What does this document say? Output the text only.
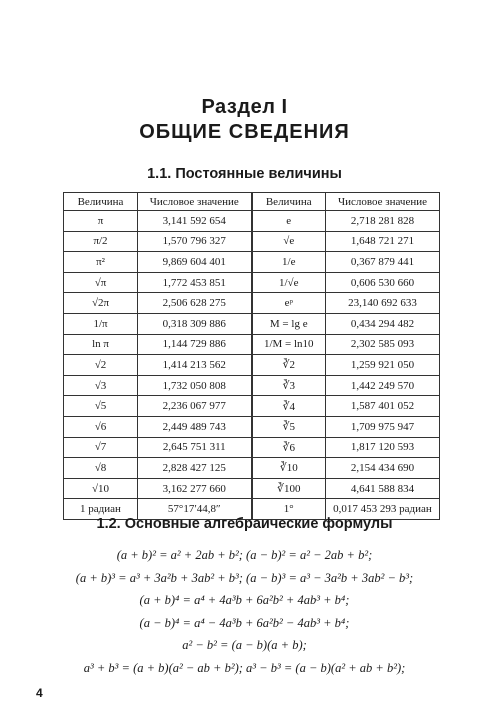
Раздел I
ОБЩИЕ СВЕДЕНИЯ
1.1. Постоянные величины
Величина	Числовое значение	Величина	Числовое значение
π	3,141 592 654	e	2,718 281 828
π/2	1,570 796 327	√e	1,648 721 271
π²	9,869 604 401	1/e	0,367 879 441
√π	1,772 453 851	1/√e	0,606 530 660
√2π	2,506 628 275	eᵖ	23,140 692 633
1/π	0,318 309 886	M = lg e	0,434 294 482
ln π	1,144 729 886	1/M = ln10	2,302 585 093
√2	1,414 213 562	∛2	1,259 921 050
√3	1,732 050 808	∛3	1,442 249 570
√5	2,236 067 977	∛4	1,587 401 052
√6	2,449 489 743	∛5	1,709 975 947
√7	2,645 751 311	∛6	1,817 120 593
√8	2,828 427 125	∛10	2,154 434 690
√10	3,162 277 660	∛100	4,641 588 834
1 радиан	57°17′44,8″	1°	0,017 453 293 радиан
1.2. Основные алгебраические формулы
(a + b)² = a² + 2ab + b²; (a − b)² = a² − 2ab + b²;
(a + b)³ = a³ + 3a²b + 3ab² + b³; (a − b)³ = a³ − 3a²b + 3ab² − b³;
(a + b)⁴ = a⁴ + 4a³b + 6a²b² + 4ab³ + b⁴;
(a − b)⁴ = a⁴ − 4a³b + 6a²b² − 4ab³ + b⁴;
a² − b² = (a − b)(a + b);
a³ + b³ = (a + b)(a² − ab + b²); a³ − b³ = (a − b)(a² + ab + b²);
4
